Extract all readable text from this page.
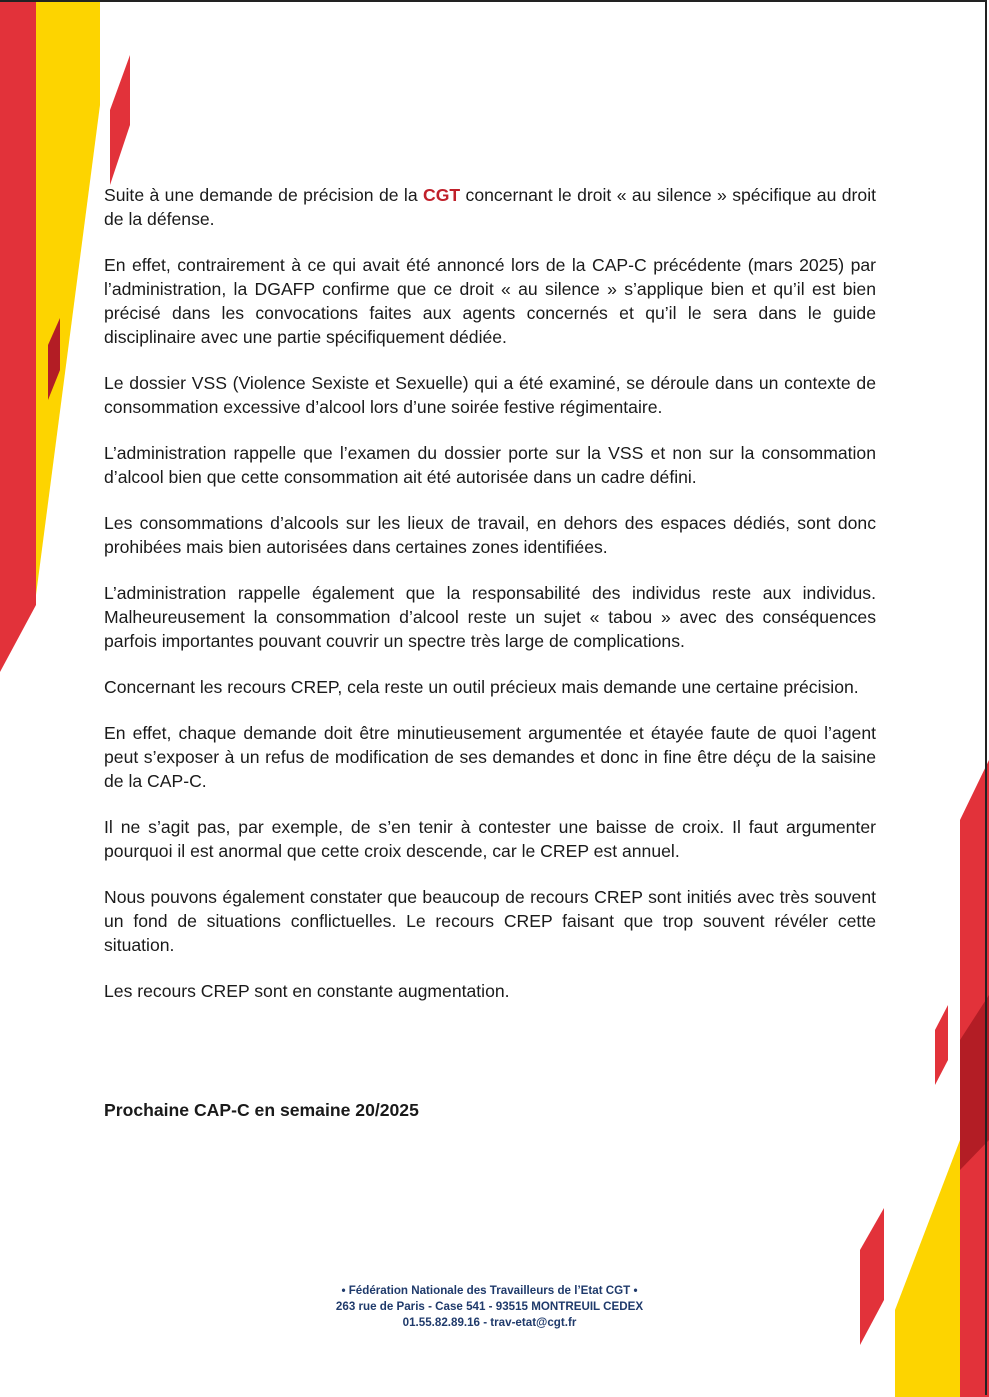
Suite à une demande de précision de la CGT concernant le droit « au silence » spécifique au droit de la défense.

En effet, contrairement à ce qui avait été annoncé lors de la CAP-C précédente (mars 2025) par l’administration, la DGAFP confirme que ce droit « au silence » s’applique bien et qu’il est bien précisé dans les convocations faites aux agents concernés et qu’il le sera dans le guide disciplinaire avec une partie spécifiquement dédiée.

Le dossier VSS (Violence Sexiste et Sexuelle) qui a été examiné, se déroule dans un contexte de consommation excessive d’alcool lors d’une soirée festive régimentaire.

L’administration rappelle que l’examen du dossier porte sur la VSS et non sur la consommation d’alcool bien que cette consommation ait été autorisée dans un cadre défini.

Les consommations d’alcools sur les lieux de travail, en dehors des espaces dédiés, sont donc prohibées mais bien autorisées dans certaines zones identifiées.

L’administration rappelle également que la responsabilité des individus reste aux individus. Malheureusement la consommation d’alcool reste un sujet « tabou » avec des conséquences parfois importantes pouvant couvrir un spectre très large de complications.

Concernant les recours CREP, cela reste un outil précieux mais demande une certaine précision.

En effet, chaque demande doit être minutieusement argumentée et étayée faute de quoi l’agent peut s’exposer à un refus de modification de ses demandes et donc in fine être déçu de la saisine de la CAP-C.

Il ne s’agit pas, par exemple, de s’en tenir à contester une baisse de croix. Il faut argumenter pourquoi il est anormal que cette croix descende, car le CREP est annuel.

Nous pouvons également constater que beaucoup de recours CREP sont initiés avec très souvent un fond de situations conflictuelles. Le recours CREP faisant que trop souvent révéler cette situation.

Les recours CREP sont en constante augmentation.

Prochaine CAP-C en semaine 20/2025
• Fédération Nationale des Travailleurs de l’Etat CGT •
263 rue de Paris - Case 541 - 93515 MONTREUIL CEDEX
01.55.82.89.16 - trav-etat@cgt.fr
